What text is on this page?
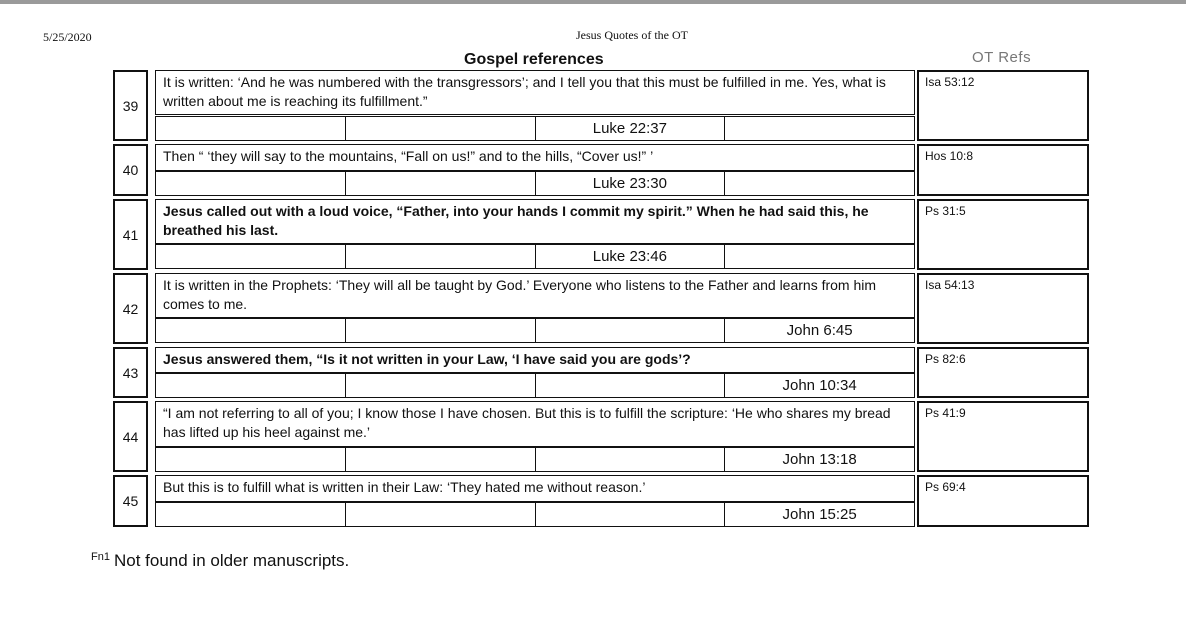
5/25/2020	Jesus Quotes of the OT
Gospel references	OT Refs
39
It is written: ‘And he was numbered with the transgressors’; and I tell you that this must be fulfilled in me. Yes, what is written about me is reaching its fulfillment.”
Luke 22:37
Isa 53:12
40
Then “ ‘they will say to the mountains, “Fall on us!” and to the hills, “Cover us!” ’
Luke 23:30
Hos 10:8
41
Jesus called out with a loud voice, “Father, into your hands I commit my spirit.” When he had said this, he breathed his last.
Luke 23:46
Ps 31:5
42
It is written in the Prophets: ‘They will all be taught by God.’ Everyone who listens to the Father and learns from him comes to me.
John 6:45
Isa 54:13
43
Jesus answered them, “Is it not written in your Law, ‘I have said you are gods’?
John 10:34
Ps 82:6
44
“I am not referring to all of you; I know those I have chosen. But this is to fulfill the scripture: ‘He who shares my bread has lifted up his heel against me.’
John 13:18
Ps 41:9
45
But this is to fulfill what is written in their Law: ‘They hated me without reason.’
John 15:25
Ps 69:4
$^{Fn1}$ Not found in older manuscripts.
